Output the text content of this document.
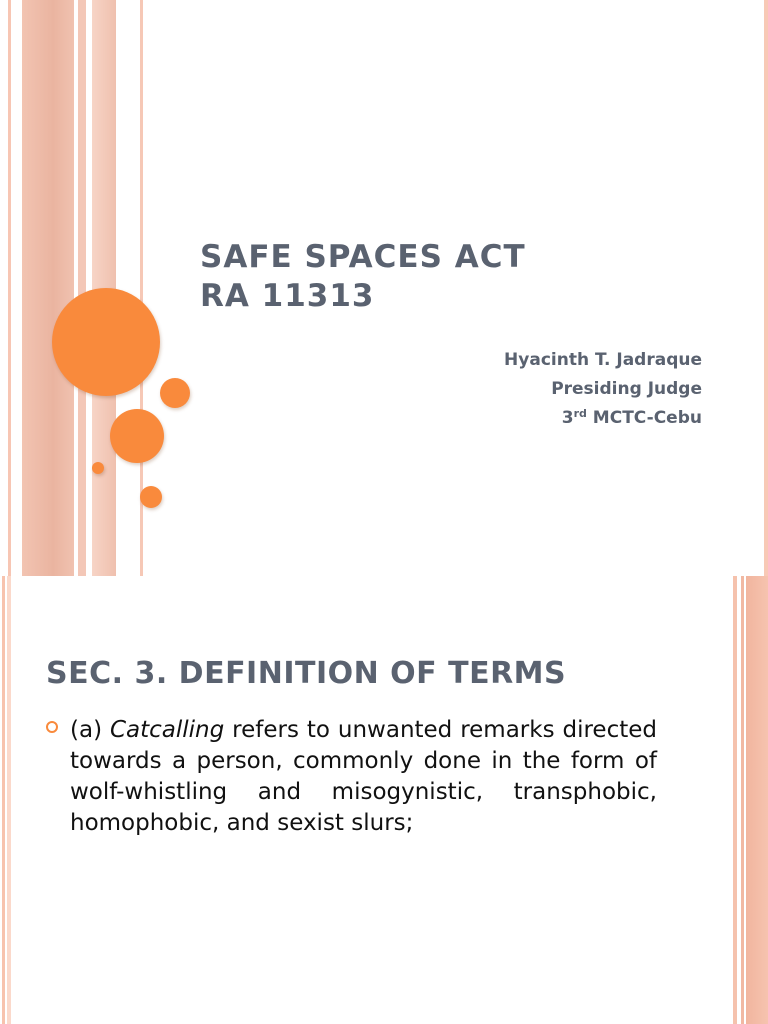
SAFE SPACES ACT
RA 11313
Hyacinth T. Jadraque
Presiding Judge
3rd MCTC-Cebu
SEC. 3. DEFINITION OF TERMS

(a) Catcalling refers to unwanted remarks directed towards a person, commonly done in the form of wolf-whistling and misogynistic, transphobic, homophobic, and sexist slurs;
